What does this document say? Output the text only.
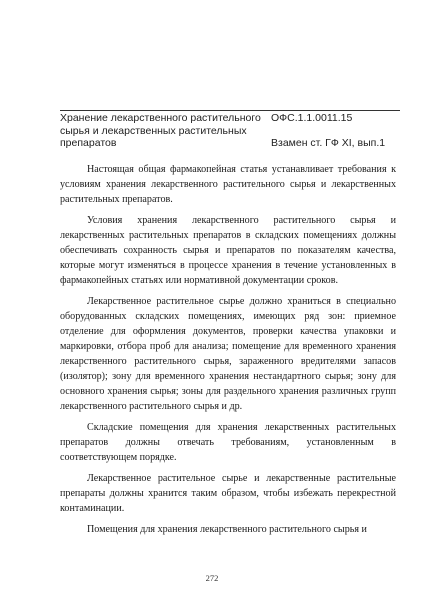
Хранение лекарственного растительного
сырья и лекарственных растительных
препаратов
ОФС.1.1.0011.15
Взамен ст. ГФ XI, вып.1
Настоящая общая фармакопейная статья устанавливает требования к
условиям хранения лекарственного растительного сырья и лекарственных
растительных препаратов.
Условия хранения лекарственного растительного сырья и
лекарственных растительных препаратов в складских помещениях должны
обеспечивать сохранность сырья и препаратов по показателям качества,
которые могут изменяться в процессе хранения в течение установленных в
фармакопейных статьях или нормативной документации сроков.
Лекарственное растительное сырье должно храниться в специально
оборудованных складских помещениях, имеющих ряд зон: приемное
отделение для оформления документов, проверки качества упаковки и
маркировки, отбора проб для анализа; помещение для временного хранения
лекарственного растительного сырья, зараженного вредителями запасов
(изолятор); зону для временного хранения нестандартного сырья; зону для
основного хранения сырья; зоны для раздельного хранения различных групп
лекарственного растительного сырья и др.
Складские помещения для хранения лекарственных растительных
препаратов должны отвечать требованиям, установленным в
соответствующем порядке.
Лекарственное растительное сырье и лекарственные растительные
препараты должны хранится таким образом, чтобы избежать перекрестной
контаминации.
Помещения для хранения лекарственного растительного сырья и
272
